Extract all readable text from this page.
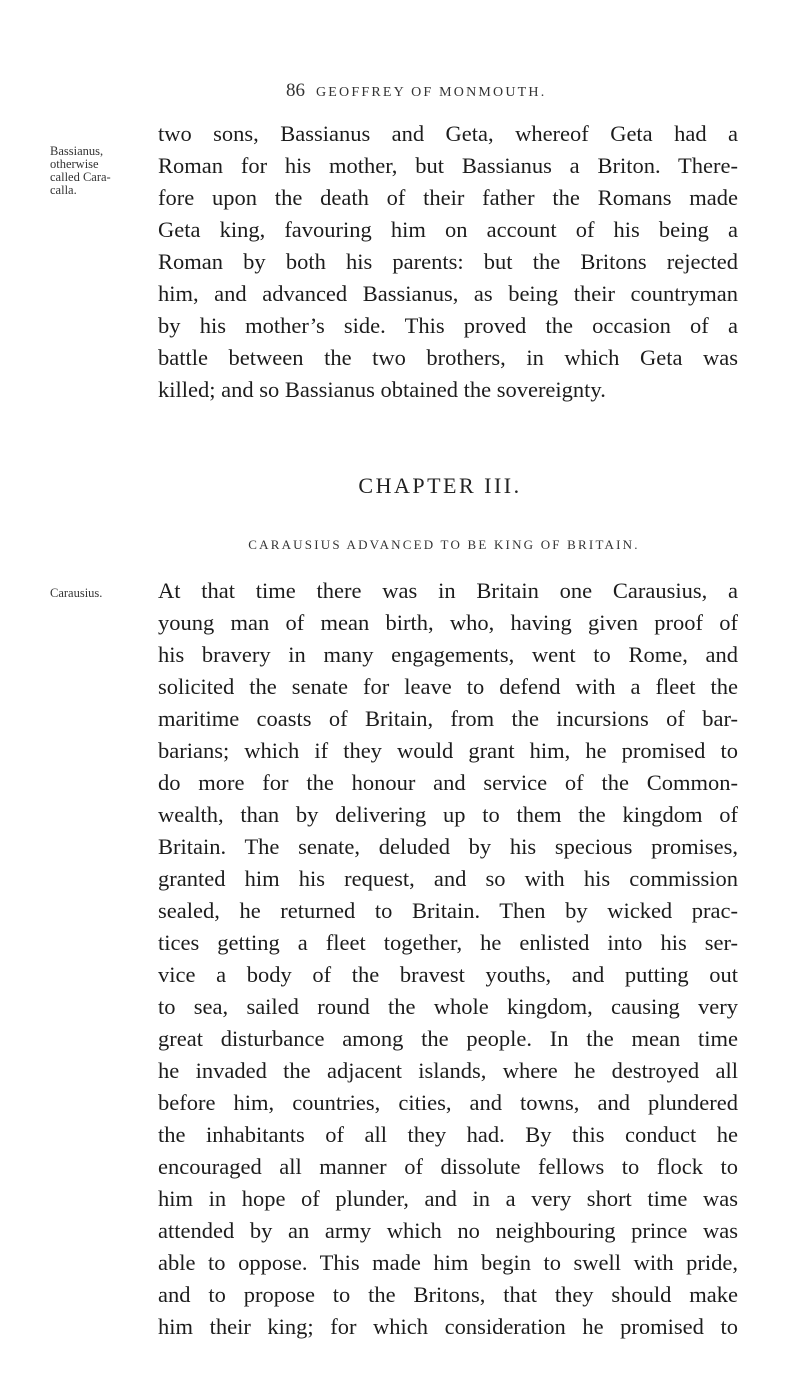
86 GEOFFREY OF MONMOUTH.
Bassianus,
otherwise
called Cara-
calla.
two sons, Bassianus and Geta, whereof Geta had a
Roman for his mother, but Bassianus a Briton. There-
fore upon the death of their father the Romans made
Geta king, favouring him on account of his being a
Roman by both his parents: but the Britons rejected
him, and advanced Bassianus, as being their countryman
by his mother’s side. This proved the occasion of a
battle between the two brothers, in which Geta was
killed; and so Bassianus obtained the sovereignty.
CHAPTER III.
CARAUSIUS ADVANCED TO BE KING OF BRITAIN.
Carausius.	At that time there was in Britain one Carausius, a
young man of mean birth, who, having given proof of
his bravery in many engagements, went to Rome, and
solicited the senate for leave to defend with a fleet the
maritime coasts of Britain, from the incursions of bar-
barians; which if they would grant him, he promised to
do more for the honour and service of the Common-
wealth, than by delivering up to them the kingdom of
Britain. The senate, deluded by his specious promises,
granted him his request, and so with his commission
sealed, he returned to Britain. Then by wicked prac-
tices getting a fleet together, he enlisted into his ser-
vice a body of the bravest youths, and putting out
to sea, sailed round the whole kingdom, causing very
great disturbance among the people. In the mean time
he invaded the adjacent islands, where he destroyed all
before him, countries, cities, and towns, and plundered
the inhabitants of all they had. By this conduct he
encouraged all manner of dissolute fellows to flock to
him in hope of plunder, and in a very short time was
attended by an army which no neighbouring prince was
able to oppose. This made him begin to swell with pride,
and to propose to the Britons, that they should make
him their king; for which consideration he promised to
